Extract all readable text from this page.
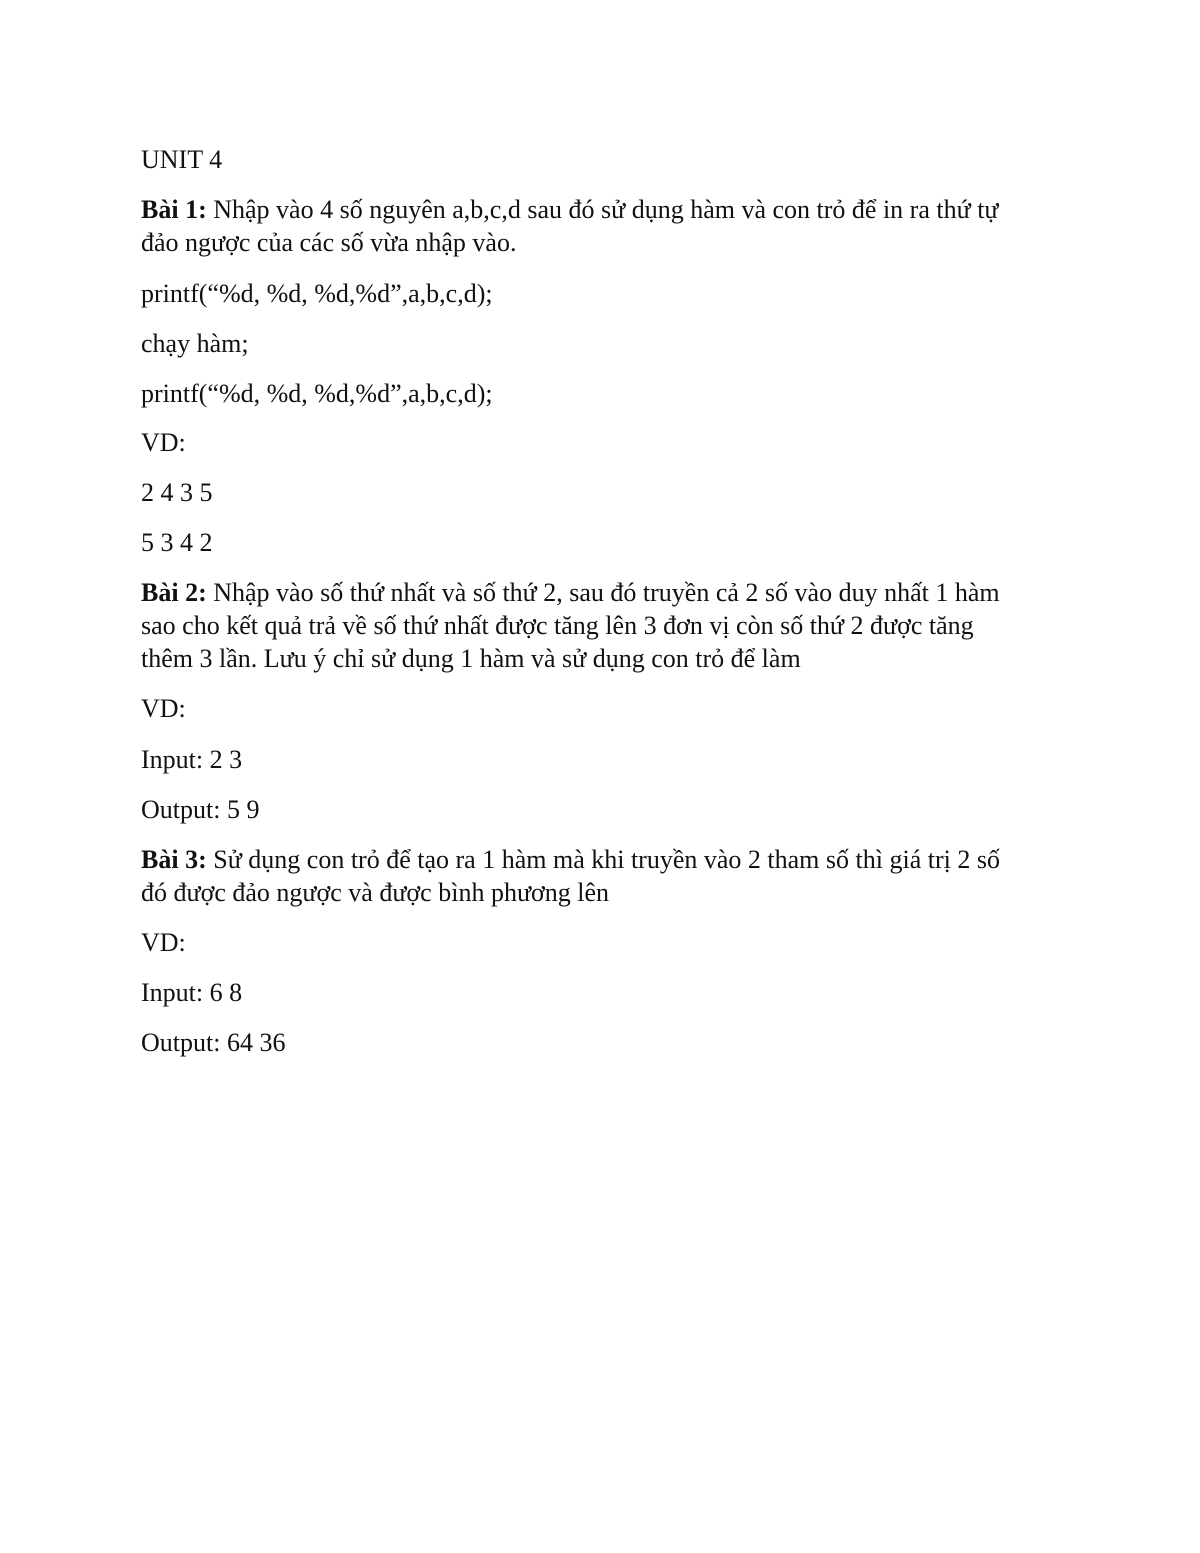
UNIT 4
Bài 1: Nhập vào 4 số nguyên a,b,c,d sau đó sử dụng hàm và con trỏ để in ra thứ tự
đảo ngược của các số vừa nhập vào.
printf(“%d, %d, %d,%d”,a,b,c,d);
chạy hàm;
printf(“%d, %d, %d,%d”,a,b,c,d);
VD:
2 4 3 5
5 3 4 2
Bài 2: Nhập vào số thứ nhất và số thứ 2, sau đó truyền cả 2 số vào duy nhất 1 hàm
sao cho kết quả trả về số thứ nhất được tăng lên 3 đơn vị còn số thứ 2 được tăng
thêm 3 lần. Lưu ý chỉ sử dụng 1 hàm và sử dụng con trỏ để làm
VD:
Input: 2 3
Output: 5 9
Bài 3: Sử dụng con trỏ để tạo ra 1 hàm mà khi truyền vào 2 tham số thì giá trị 2 số
đó được đảo ngược và được bình phương lên
VD:
Input: 6 8
Output: 64 36
